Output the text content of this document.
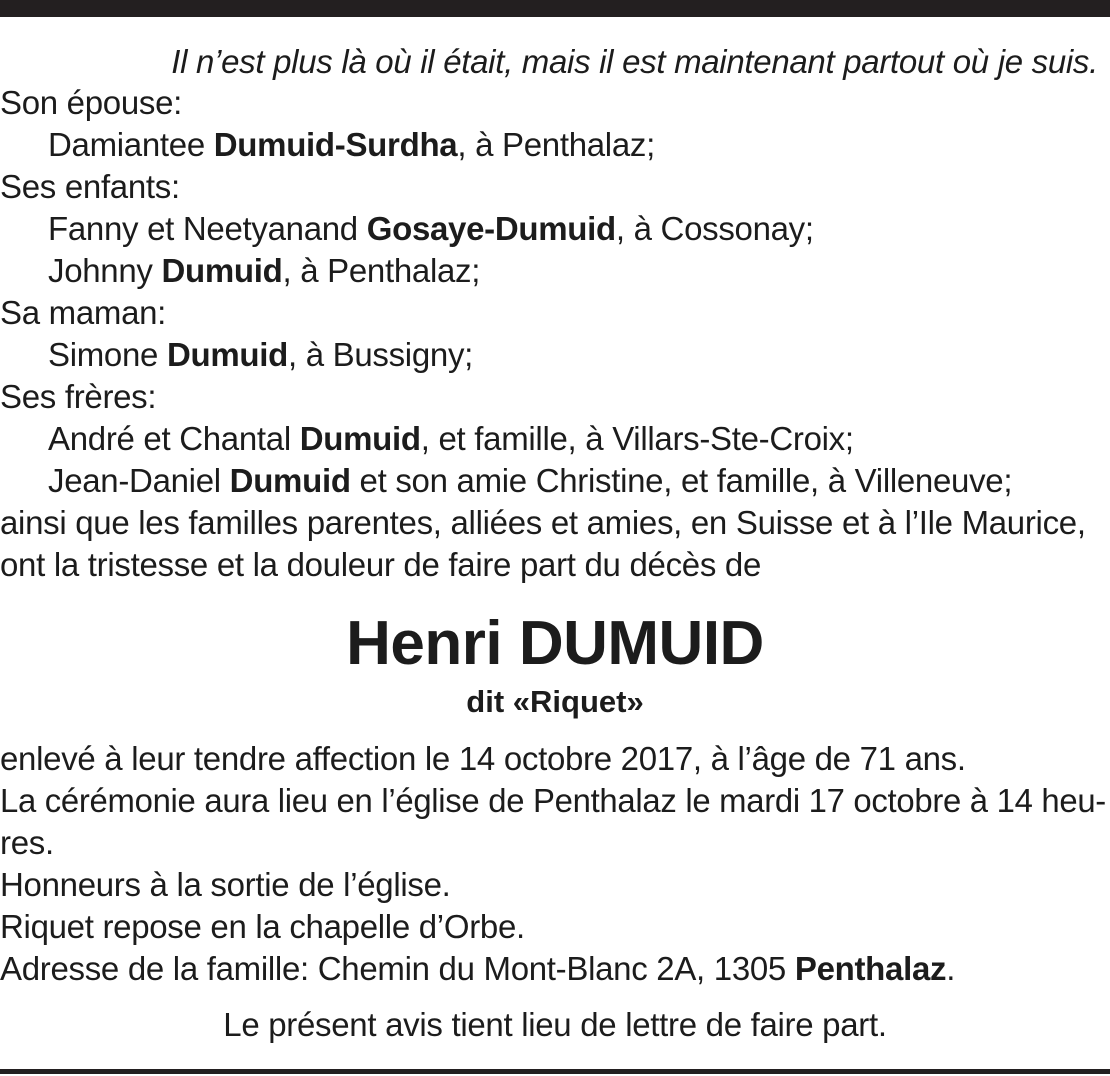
Il n’est plus là où il était, mais il est maintenant partout où je suis.
Son épouse:
Damiantee Dumuid-Surdha, à Penthalaz;
Ses enfants:
Fanny et Neetyanand Gosaye-Dumuid, à Cossonay;
Johnny Dumuid, à Penthalaz;
Sa maman:
Simone Dumuid, à Bussigny;
Ses frères:
André et Chantal Dumuid, et famille, à Villars-Ste-Croix;
Jean-Daniel Dumuid et son amie Christine, et famille, à Villeneuve;
ainsi que les familles parentes, alliées et amies, en Suisse et à l’Ile Maurice,
ont la tristesse et la douleur de faire part du décès de
Henri DUMUID
dit «Riquet»
enlevé à leur tendre affection le 14 octobre 2017, à l’âge de 71 ans.
La cérémonie aura lieu en l’église de Penthalaz le mardi 17 octobre à 14 heu-
res.
Honneurs à la sortie de l’église.
Riquet repose en la chapelle d’Orbe.
Adresse de la famille: Chemin du Mont-Blanc 2A, 1305 Penthalaz.
Le présent avis tient lieu de lettre de faire part.
